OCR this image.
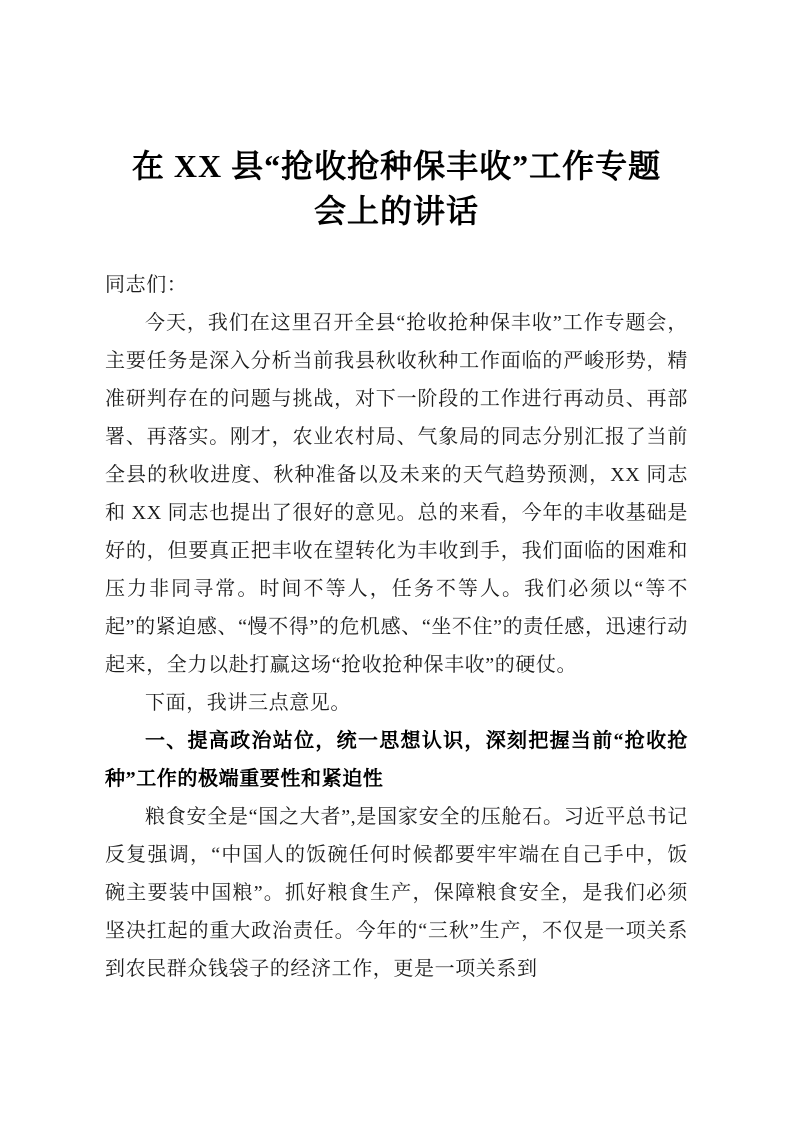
在 XX 县“抢收抢种保丰收”工作专题
会上的讲话

同志们：

今天，我们在这里召开全县“抢收抢种保丰收”工作专题会，主要任务是深入分析当前我县秋收秋种工作面临的严峻形势，精准研判存在的问题与挑战，对下一阶段的工作进行再动员、再部署、再落实。刚才，农业农村局、气象局的同志分别汇报了当前全县的秋收进度、秋种准备以及未来的天气趋势预测，XX 同志和 XX 同志也提出了很好的意见。总的来看，今年的丰收基础是好的，但要真正把丰收在望转化为丰收到手，我们面临的困难和压力非同寻常。时间不等人，任务不等人。我们必须以“等不起”的紧迫感、“慢不得”的危机感、“坐不住”的责任感，迅速行动起来，全力以赴打赢这场“抢收抢种保丰收”的硬仗。

下面，我讲三点意见。

一、提高政治站位，统一思想认识，深刻把握当前“抢收抢种”工作的极端重要性和紧迫性

粮食安全是“国之大者”,是国家安全的压舱石。习近平总书记反复强调，“中国人的饭碗任何时候都要牢牢端在自己手中，饭碗主要装中国粮”。抓好粮食生产，保障粮食安全，是我们必须坚决扛起的重大政治责任。今年的“三秋”生产，不仅是一项关系到农民群众钱袋子的经济工作，更是一项关系到
